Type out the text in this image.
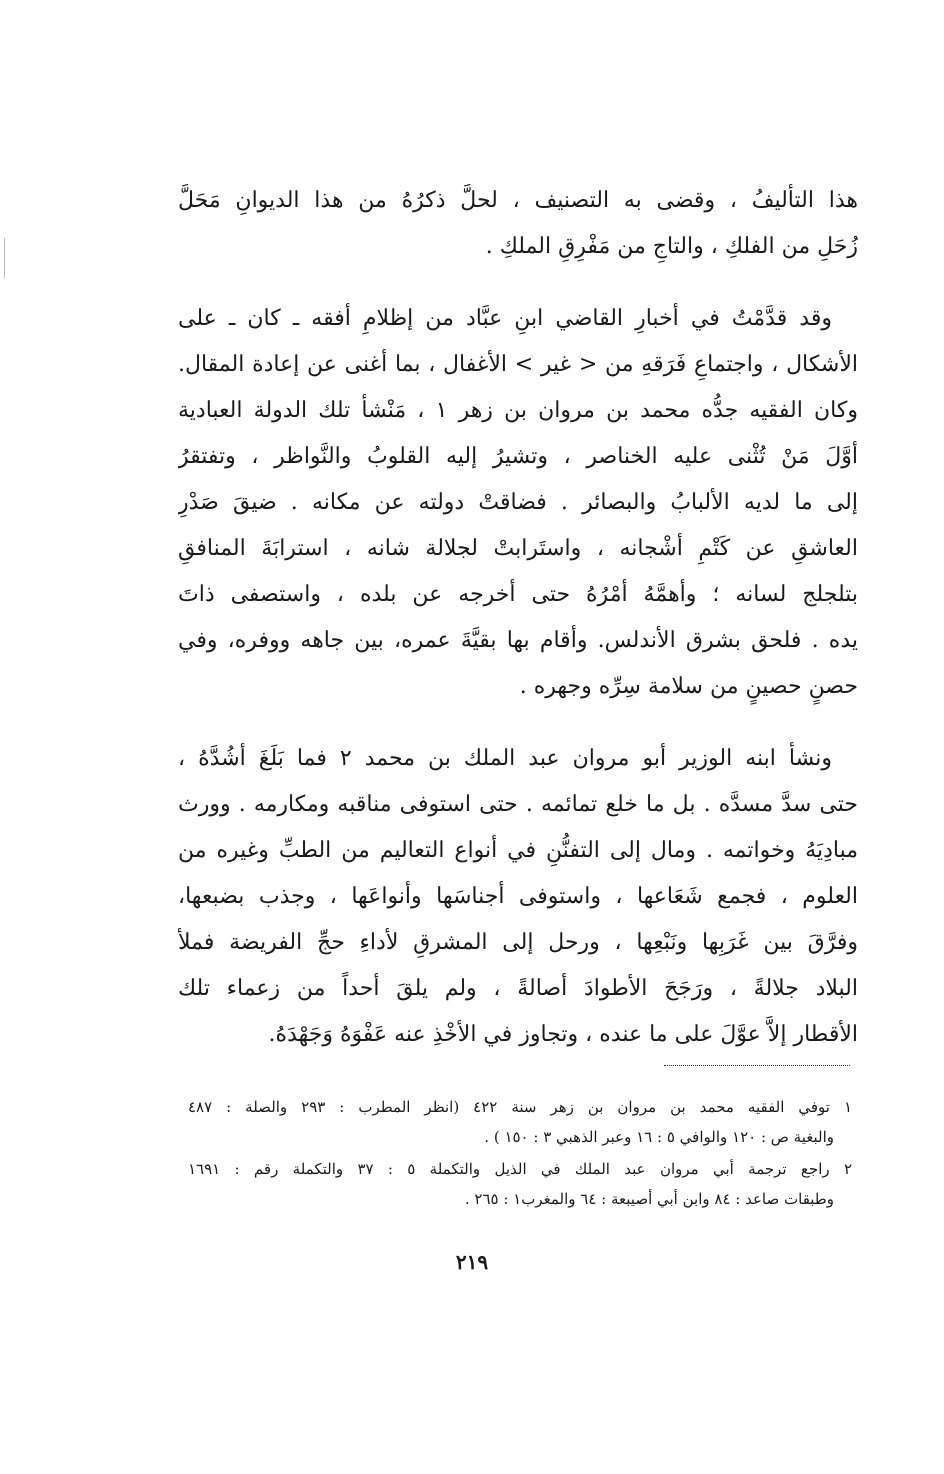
هذا التأليفُ ، وقضى به التصنيف ، لحلَّ ذكرُهُ من هذا الديوانِ مَحَلَّ
زُحَلِ من الفلكِ ، والتاجِ من مَفْرِقِ الملكِ .

وقد قدَّمْتُ في أخبارِ القاضي ابنِ عبَّاد من إظلامِ أفقه ـ كان ـ على
الأشكال ، واجتماعِ فَرَقهِ من < غير > الأغفال ، بما أغنى عن إعادة المقال.
وكان الفقيه جدُّه محمد بن مروان بن زهر ١ ، مَنْشأ تلك الدولة العبادية
أوَّلَ مَنْ تُثْنى عليه الخناصر ، وتشيرُ إليه القلوبُ والنَّواظر ، وتفتقرُ
إلى ما لديه الألبابُ والبصائر . فضاقتْ دولته عن مكانه . ضيقَ صَدْرِ
العاشقِ عن كَتْمِ أشْجانه ، واستَرابتْ لجلالة شانه ، استرابَةَ المنافقِ
بتلجلج لسانه ؛ وأهمَّهُ أمْرُهُ حتى أخرجه عن بلده ، واستصفى ذاتَ
يده . فلحق بشرق الأندلس. وأقام بها بقيَّةَ عمره، بين جاهه ووفره، وفي
حصنٍ حصينٍ من سلامة سِرِّه وجهره .

ونشأ ابنه الوزير أبو مروان عبد الملك بن محمد ٢ فما بَلَغَ أشُدَّهُ ،
حتى سدَّ مسدَّه . بل ما خلع تمائمه . حتى استوفى مناقبه ومكارمه . وورث
مبادِيَهُ وخواتمه . ومال إلى التفنُّنِ في أنواع التعاليم من الطبِّ وغيره من
العلوم ، فجمع شَعَاعها ، واستوفى أجناسَها وأنواعَها ، وجذب بضبعها،
وفرَّقَ بين غَرَبِها ونَبْعِها ، ورحل إلى المشرقِ لأداءِ حجِّ الفريضة فملأ
البلاد جلالةً ، ورَجَحَ الأطوادَ أصالةً ، ولم يلقَ أحداً من زعماء تلك
الأقطار إلاَّ عوَّلَ على ما عنده ، وتجاوز في الأخْذِ عنه عَفْوَهُ وَجَهْدَهُ.

١ توفي الفقيه محمد بن مروان بن زهر سنة ٤٢٢ (انظر المطرب : ٢٩٣ والصلة : ٤٨٧
والبغية ص : ١٢٠ والوافي ٥ : ١٦ وعبر الذهبي ٣ : ١٥٠ ) .
٢ راجع ترجمة أبي مروان عبد الملك في الذيل والتكملة ٥ : ٣٧ والتكملة رقم : ١٦٩١
وطبقات صاعد : ٨٤ وابن أبي أصيبعة : ٦٤ والمغرب١ : ٢٦٥ .
٢١٩
